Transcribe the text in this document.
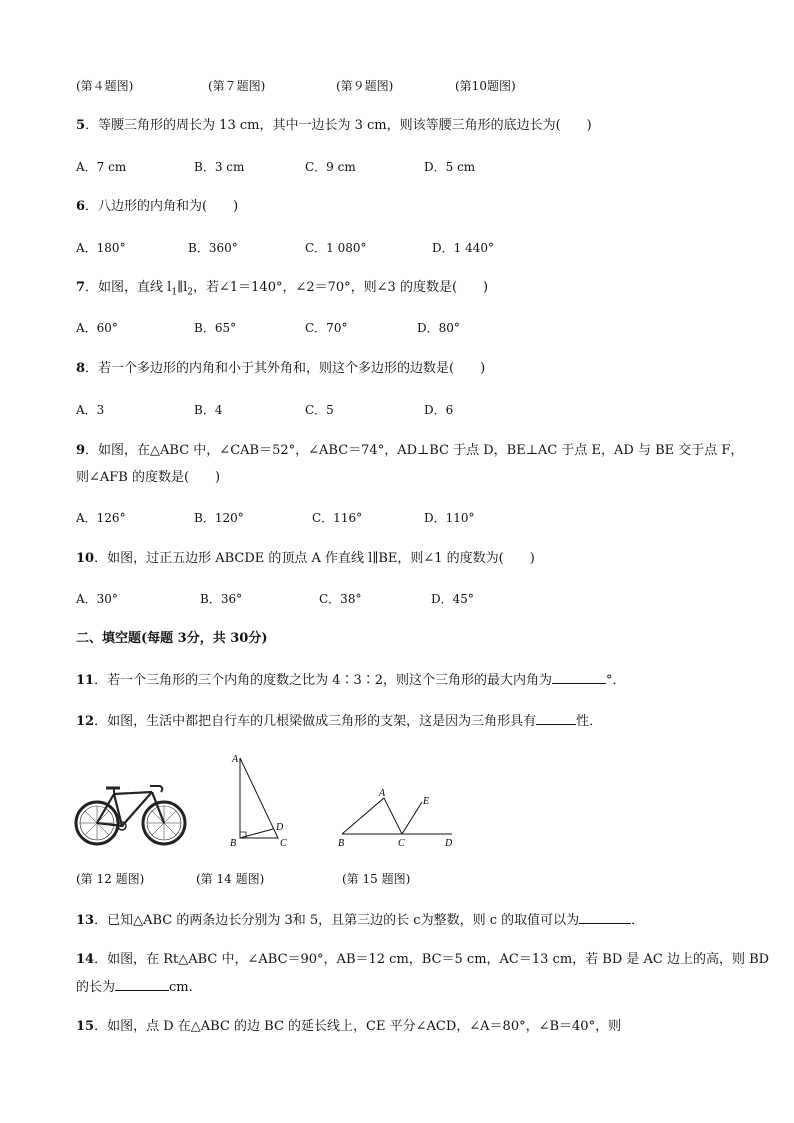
(第４题图)	(第７题图)	(第９题图)	(第10题图)
5．等腰三角形的周长为 13 cm，其中一边长为 3 cm，则该等腰三角形的底边长为(　　)
A．7 cm	B．3 cm	C．9 cm	D．5 cm
6．八边形的内角和为(　　)
A．180°	B．360°	C．1 080°	D．1 440°
7．如图，直线 $l_1\parallel l_2$，若∠1＝140°，∠2＝70°，则∠3 的度数是(　　)
A．60°	B．65°	C．70°	D．80°
8．若一个多边形的内角和小于其外角和，则这个多边形的边数是(　　)
A．3	B．4	C．5	D．6
9．如图，在△ABC 中，∠CAB＝52°，∠ABC＝74°，AD⊥BC 于点 D，BE⊥AC 于点 E，AD 与 BE 交于点 F，
则∠AFB 的度数是(　　)
A．126°	B．120°	C．116°	D．110°
10．如图，过正五边形 ABCDE 的顶点 A 作直线 l∥BE，则∠1 的度数为(　　)
A．30°	B．36°	C．38°	D．45°
二、填空题(每题 3分，共 30分)
11．若一个三角形的三个内角的度数之比为 4∶3∶2，则这个三角形的最大内角为	°．
12．如图，生活中都把自行车的几根梁做成三角形的支架，这是因为三角形具有	性．
A
B	C
D
A
B	C	D
E
(第 12 题图)	(第 14 题图)	(第 15 题图)
13．已知△ABC 的两条边长分别为 3和 5，且第三边的长 c为整数，则 c 的取值可以为	．
14．如图，在 Rt△ABC 中，∠ABC＝90°，AB＝12 cm，BC＝5 cm，AC＝13 cm，若 BD 是 AC 边上的高，则 BD
的长为	cm.
15．如图，点 D 在△ABC 的边 BC 的延长线上，CE 平分∠ACD，∠A＝80°，∠B＝40°，则
